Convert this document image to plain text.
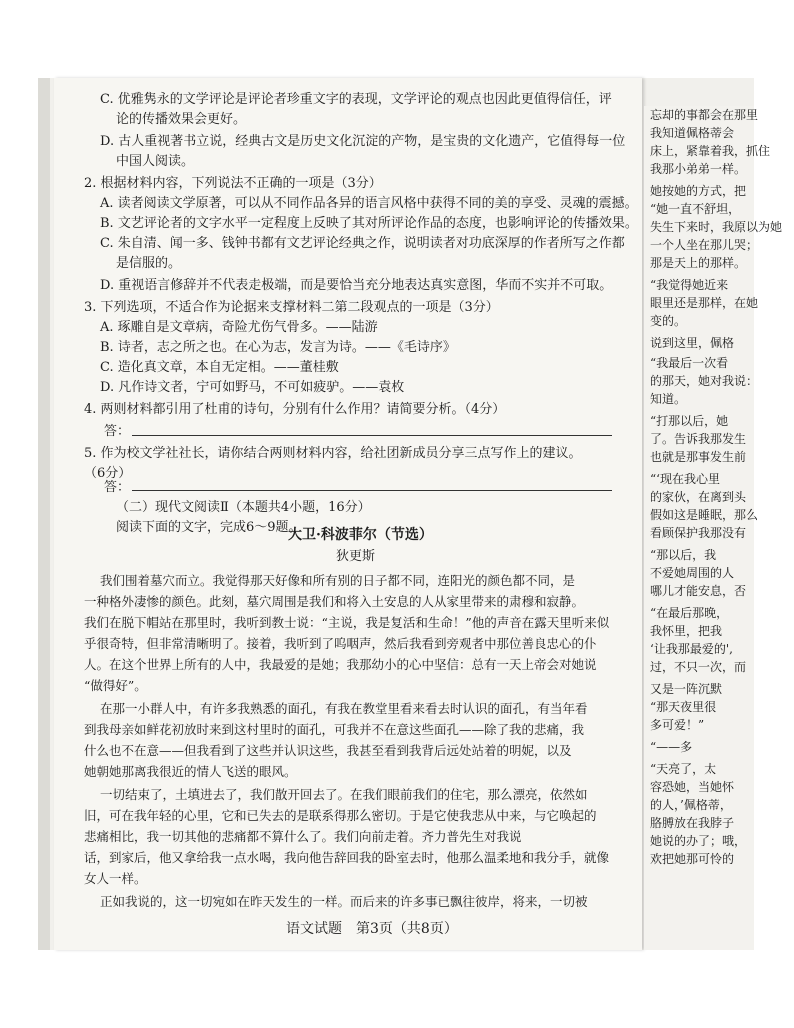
C. 优雅隽永的文学评论是评论者珍重文字的表现，文学评论的观点也因此更值得信任，评
论的传播效果会更好。
D. 古人重视著书立说，经典古文是历史文化沉淀的产物，是宝贵的文化遗产，它值得每一位
中国人阅读。
2. 根据材料内容，下列说法不正确的一项是（3分）
A. 读者阅读文学原著，可以从不同作品各异的语言风格中获得不同的美的享受、灵魂的震撼。
B. 文艺评论者的文字水平一定程度上反映了其对所评论作品的态度，也影响评论的传播效果。
C. 朱自清、闻一多、钱钟书都有文艺评论经典之作，说明读者对功底深厚的作者所写之作都
是信服的。
D. 重视语言修辞并不代表走极端，而是要恰当充分地表达真实意图，华而不实并不可取。
3. 下列选项，不适合作为论据来支撑材料二第二段观点的一项是（3分）
A. 琢雕自是文章病，奇险尤伤气骨多。——陆游
B. 诗者，志之所之也。在心为志，发言为诗。——《毛诗序》
C. 造化真文章，本自无定相。——董桂敷
D. 凡作诗文者，宁可如野马，不可如疲驴。——袁枚
4. 两则材料都引用了杜甫的诗句，分别有什么作用？请简要分析。（4分）
答：
5. 作为校文学社社长，请你结合两则材料内容，给社团新成员分享三点写作上的建议。
（6分）
答：
（二）现代文阅读Ⅱ（本题共4小题，16分）
阅读下面的文字，完成6～9题。
大卫·科波菲尔（节选）
狄更斯
我们围着墓穴而立。我觉得那天好像和所有别的日子都不同，连阳光的颜色都不同，是
一种格外凄惨的颜色。此刻，墓穴周围是我们和将入土安息的人从家里带来的肃穆和寂静。
我们在脱下帽站在那里时，我听到教士说：“主说，我是复活和生命！”他的声音在露天里听来似
乎很奇特，但非常清晰明了。接着，我听到了呜咽声，然后我看到旁观者中那位善良忠心的仆
人。在这个世界上所有的人中，我最爱的是她；我那幼小的心中坚信：总有一天上帝会对她说
“做得好”。
在那一小群人中，有许多我熟悉的面孔，有我在教堂里看来看去时认识的面孔，有当年看
到我母亲如鲜花初放时来到这村里时的面孔，可我并不在意这些面孔——除了我的悲痛，我
什么也不在意——但我看到了这些并认识这些，我甚至看到我背后远处站着的明妮，以及
她朝她那离我很近的情人飞送的眼风。
一切结束了，土填进去了，我们散开回去了。在我们眼前我们的住宅，那么漂亮，依然如
旧，可在我年轻的心里，它和已失去的是联系得那么密切。于是它使我悲从中来，与它唤起的
悲痛相比，我一切其他的悲痛都不算什么了。我们向前走着。齐力普先生对我说
话，到家后，他又拿给我一点水喝，我向他告辞回我的卧室去时，他那么温柔地和我分手，就像
女人一样。
正如我说的，这一切宛如在昨天发生的一样。而后来的许多事已飘往彼岸，将来，一切被
语文试题　第3页（共8页）
忘却的事都会在那里
我知道佩格蒂会
床上，紧靠着我，抓住
我那小弟弟一样。
她按她的方式，把
“她一直不舒坦，
失生下来时，我原以为她
一个人坐在那儿哭；
那是天上的那样。
“我觉得她近来
眼里还是那样，在她
变的。
说到这里，佩格
“我最后一次看
的那天，她对我说：
知道。
“打那以后，她
了。告诉我那发生
也就是那事发生前
“‘现在我心里
的家伙，在离到头
假如这是睡眠，那么
看顾保护我那没有
“那以后，我
不爱她周围的人
哪儿才能安息，否
“在最后那晚，
我怀里，把我
‘让我那最爱的',
过，不只一次，而
又是一阵沉默
“那天夜里很
多可爱！”
“——多
“天亮了，太
容恐她，当她怀
的人，’佩格蒂，
胳膊放在我脖子
她说的办了；哦，
欢把她那可怜的
